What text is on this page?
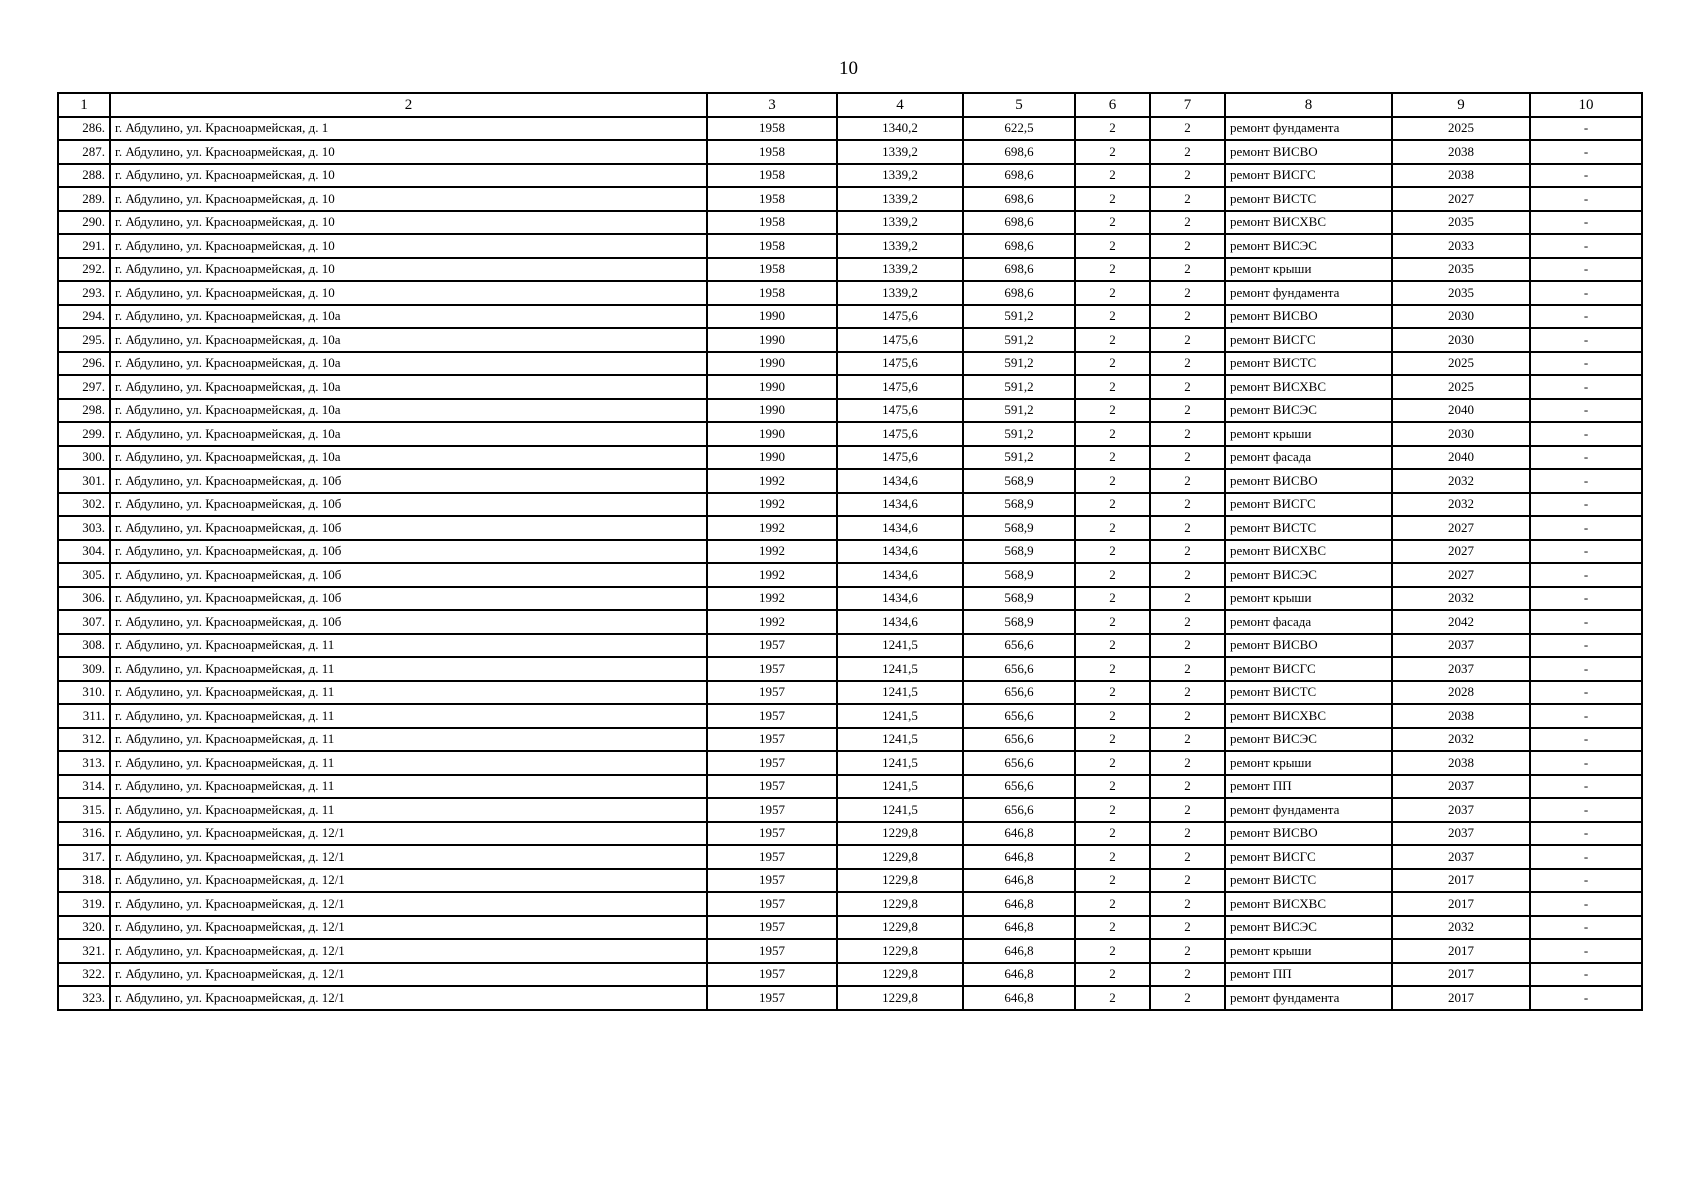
10
1	2	3	4	5	6	7	8	9	10
286.	г. Абдулино, ул. Красноармейская, д. 1	1958	1340,2	622,5	2	2	ремонт фундамента	2025	-
287.	г. Абдулино, ул. Красноармейская, д. 10	1958	1339,2	698,6	2	2	ремонт ВИСВО	2038	-
288.	г. Абдулино, ул. Красноармейская, д. 10	1958	1339,2	698,6	2	2	ремонт ВИСГС	2038	-
289.	г. Абдулино, ул. Красноармейская, д. 10	1958	1339,2	698,6	2	2	ремонт ВИСТС	2027	-
290.	г. Абдулино, ул. Красноармейская, д. 10	1958	1339,2	698,6	2	2	ремонт ВИСХВС	2035	-
291.	г. Абдулино, ул. Красноармейская, д. 10	1958	1339,2	698,6	2	2	ремонт ВИСЭС	2033	-
292.	г. Абдулино, ул. Красноармейская, д. 10	1958	1339,2	698,6	2	2	ремонт крыши	2035	-
293.	г. Абдулино, ул. Красноармейская, д. 10	1958	1339,2	698,6	2	2	ремонт фундамента	2035	-
294.	г. Абдулино, ул. Красноармейская, д. 10а	1990	1475,6	591,2	2	2	ремонт ВИСВО	2030	-
295.	г. Абдулино, ул. Красноармейская, д. 10а	1990	1475,6	591,2	2	2	ремонт ВИСГС	2030	-
296.	г. Абдулино, ул. Красноармейская, д. 10а	1990	1475,6	591,2	2	2	ремонт ВИСТС	2025	-
297.	г. Абдулино, ул. Красноармейская, д. 10а	1990	1475,6	591,2	2	2	ремонт ВИСХВС	2025	-
298.	г. Абдулино, ул. Красноармейская, д. 10а	1990	1475,6	591,2	2	2	ремонт ВИСЭС	2040	-
299.	г. Абдулино, ул. Красноармейская, д. 10а	1990	1475,6	591,2	2	2	ремонт крыши	2030	-
300.	г. Абдулино, ул. Красноармейская, д. 10а	1990	1475,6	591,2	2	2	ремонт фасада	2040	-
301.	г. Абдулино, ул. Красноармейская, д. 10б	1992	1434,6	568,9	2	2	ремонт ВИСВО	2032	-
302.	г. Абдулино, ул. Красноармейская, д. 10б	1992	1434,6	568,9	2	2	ремонт ВИСГС	2032	-
303.	г. Абдулино, ул. Красноармейская, д. 10б	1992	1434,6	568,9	2	2	ремонт ВИСТС	2027	-
304.	г. Абдулино, ул. Красноармейская, д. 10б	1992	1434,6	568,9	2	2	ремонт ВИСХВС	2027	-
305.	г. Абдулино, ул. Красноармейская, д. 10б	1992	1434,6	568,9	2	2	ремонт ВИСЭС	2027	-
306.	г. Абдулино, ул. Красноармейская, д. 10б	1992	1434,6	568,9	2	2	ремонт крыши	2032	-
307.	г. Абдулино, ул. Красноармейская, д. 10б	1992	1434,6	568,9	2	2	ремонт фасада	2042	-
308.	г. Абдулино, ул. Красноармейская, д. 11	1957	1241,5	656,6	2	2	ремонт ВИСВО	2037	-
309.	г. Абдулино, ул. Красноармейская, д. 11	1957	1241,5	656,6	2	2	ремонт ВИСГС	2037	-
310.	г. Абдулино, ул. Красноармейская, д. 11	1957	1241,5	656,6	2	2	ремонт ВИСТС	2028	-
311.	г. Абдулино, ул. Красноармейская, д. 11	1957	1241,5	656,6	2	2	ремонт ВИСХВС	2038	-
312.	г. Абдулино, ул. Красноармейская, д. 11	1957	1241,5	656,6	2	2	ремонт ВИСЭС	2032	-
313.	г. Абдулино, ул. Красноармейская, д. 11	1957	1241,5	656,6	2	2	ремонт крыши	2038	-
314.	г. Абдулино, ул. Красноармейская, д. 11	1957	1241,5	656,6	2	2	ремонт ПП	2037	-
315.	г. Абдулино, ул. Красноармейская, д. 11	1957	1241,5	656,6	2	2	ремонт фундамента	2037	-
316.	г. Абдулино, ул. Красноармейская, д. 12/1	1957	1229,8	646,8	2	2	ремонт ВИСВО	2037	-
317.	г. Абдулино, ул. Красноармейская, д. 12/1	1957	1229,8	646,8	2	2	ремонт ВИСГС	2037	-
318.	г. Абдулино, ул. Красноармейская, д. 12/1	1957	1229,8	646,8	2	2	ремонт ВИСТС	2017	-
319.	г. Абдулино, ул. Красноармейская, д. 12/1	1957	1229,8	646,8	2	2	ремонт ВИСХВС	2017	-
320.	г. Абдулино, ул. Красноармейская, д. 12/1	1957	1229,8	646,8	2	2	ремонт ВИСЭС	2032	-
321.	г. Абдулино, ул. Красноармейская, д. 12/1	1957	1229,8	646,8	2	2	ремонт крыши	2017	-
322.	г. Абдулино, ул. Красноармейская, д. 12/1	1957	1229,8	646,8	2	2	ремонт ПП	2017	-
323.	г. Абдулино, ул. Красноармейская, д. 12/1	1957	1229,8	646,8	2	2	ремонт фундамента	2017	-
